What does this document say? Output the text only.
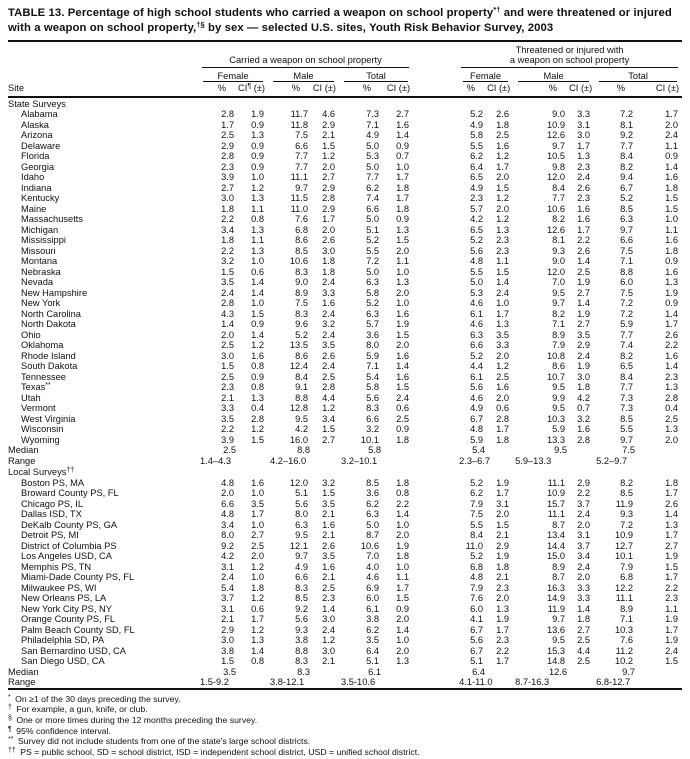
TABLE 13. Percentage of high school students who carried a weapon on school property*† and were threatened or injured with a weapon on school property,†§ by sex — selected U.S. sites, Youth Risk Behavior Survey, 2003

	Carried a weapon on school property						Threatened or injured with
a weapon on school property					

	Female		Male		Total		Female		Male		Total	

Site	%	CI¶ (±)	%	CI (±)	%	CI (±)	%	CI (±)	%	CI (±)	%	CI (±)
State Surveys												
Alabama	2.8	1.9	11.7	4.6	7.3	2.7	5.2	2.6	9.0	3.3	7.2	1.7
Alaska	1.7	0.9	11.8	2.9	7.1	1.6	4.9	1.8	10.9	3.1	8.1	2.0
Arizona	2.5	1.3	7.5	2.1	4.9	1.4	5.8	2.5	12.6	3.0	9.2	2.4
Delaware	2.9	0.9	6.6	1.5	5.0	0.9	5.5	1.6	9.7	1.7	7.7	1.1
Florida	2.8	0.9	7.7	1.2	5.3	0.7	6.2	1.2	10.5	1.3	8.4	0.9
Georgia	2.3	0.9	7.7	2.0	5.0	1.0	6.4	1.7	9.8	2.3	8.2	1.4
Idaho	3.9	1.0	11.1	2.7	7.7	1.7	6.5	2.0	12.0	2.4	9.4	1.6
Indiana	2.7	1.2	9.7	2.9	6.2	1.8	4.9	1.5	8.4	2.6	6.7	1.8
Kentucky	3.0	1.3	11.5	2.8	7.4	1.7	2.3	1.2	7.7	2.3	5.2	1.5
Maine	1.8	1.1	11.0	2.9	6.6	1.8	5.7	2.0	10.6	1.6	8.5	1.5
Massachusetts	2.2	0.8	7.6	1.7	5.0	0.9	4.2	1.2	8.2	1.6	6.3	1.0
Michigan	3.4	1.3	6.8	2.0	5.1	1.3	6.5	1.3	12.6	1.7	9.7	1.1
Mississippi	1.8	1.1	8.6	2.6	5.2	1.5	5.2	2.3	8.1	2.2	6.6	1.6
Missouri	2.2	1.3	8.5	3.0	5.5	2.0	5.6	2.3	9.3	2.6	7.5	1.8
Montana	3.2	1.0	10.6	1.8	7.2	1.1	4.8	1.1	9.0	1.4	7.1	0.9
Nebraska	1.5	0.6	8.3	1.8	5.0	1.0	5.5	1.5	12.0	2.5	8.8	1.6
Nevada	3.5	1.4	9.0	2.4	6.3	1.3	5.0	1.4	7.0	1.9	6.0	1.3
New Hampshire	2.4	1.4	8.9	3.3	5.8	2.0	5.3	2.4	9.5	2.7	7.5	1.9
New York	2.8	1.0	7.5	1.6	5.2	1.0	4.6	1.0	9.7	1.4	7.2	0.9
North Carolina	4.3	1.5	8.3	2.4	6.3	1.6	6.1	1.7	8.2	1.9	7.2	1.4
North Dakota	1.4	0.9	9.6	3.2	5.7	1.9	4.6	1.3	7.1	2.7	5.9	1.7
Ohio	2.0	1.4	5.2	2.4	3.6	1.5	6.3	3.5	8.9	3.5	7.7	2.6
Oklahoma	2.5	1.2	13.5	3.5	8.0	2.0	6.6	3.3	7.9	2.9	7.4	2.2
Rhode Island	3.0	1.6	8.6	2.6	5.9	1.6	5.2	2.0	10.8	2.4	8.2	1.6
South Dakota	1.5	0.8	12.4	2.4	7.1	1.4	4.4	1.2	8.6	1.9	6.5	1.4
Tennessee	2.5	0.9	8.4	2.5	5.4	1.6	6.1	2.5	10.7	3.0	8.4	2.3
Texas**	2.3	0.8	9.1	2.8	5.8	1.5	5.6	1.6	9.5	1.8	7.7	1.3
Utah	2.1	1.3	8.8	4.4	5.6	2.4	4.6	2.0	9.9	4.2	7.3	2.8
Vermont	3.3	0.4	12.8	1.2	8.3	0.6	4.9	0.6	9.5	0.7	7.3	0.4
West Virginia	3.5	2.8	9.5	3.4	6.6	2.5	6.7	2.8	10.3	3.2	8.5	2.5
Wisconsin	2.2	1.2	4.2	1.5	3.2	0.9	4.8	1.7	5.9	1.6	5.5	1.3
Wyoming	3.9	1.5	16.0	2.7	10.1	1.8	5.9	1.8	13.3	2.8	9.7	2.0
Median	2.5		8.8		5.8		5.4		9.5		7.5	
Range	1.4–4.3		4.2–16.0		3.2–10.1		2.3–6.7		5.9–13.3		5.2–9.7	
Local Surveys††
Boston PS, MA	4.8	1.6	12.0	3.2	8.5	1.8	5.2	1.9	11.1	2.9	8.2	1.8
Broward County PS, FL	2.0	1.0	5.1	1.5	3.6	0.8	6.2	1.7	10.9	2.2	8.5	1.7
Chicago PS, IL	6.6	3.5	5.6	3.5	6.2	2.2	7.9	3.1	15.7	3.7	11.9	2.6
Dallas ISD, TX	4.8	1.7	8.0	2.1	6.3	1.4	7.5	2.0	11.1	2.4	9.3	1.4
DeKalb County PS, GA	3.4	1.0	6.3	1.6	5.0	1.0	5.5	1.5	8.7	2.0	7.2	1.3
Detroit PS, MI	8.0	2.7	9.5	2.1	8.7	2.0	8.4	2.1	13.4	3.1	10.9	1.7
District of Columbia PS	9.2	2.5	12.1	2.6	10.6	1.9	11.0	2.9	14.4	3.7	12.7	2.7
Los Angeles USD, CA	4.2	2.0	9.7	3.5	7.0	1.8	5.2	1.9	15.0	3.4	10.1	1.9
Memphis PS, TN	3.1	1.2	4.9	1.6	4.0	1.0	6.8	1.8	8.9	2.4	7.9	1.5
Miami-Dade County PS, FL	2.4	1.0	6.6	2.1	4.6	1.1	4.8	2.1	8.7	2.0	6.8	1.7
Milwaukee PS, WI	5.4	1.8	8.3	2.5	6.9	1.7	7.9	2.3	16.3	3.3	12.2	2.2
New Orleans PS, LA	3.7	1.2	8.5	2.3	6.0	1.5	7.6	2.0	14.9	3.3	11.1	2.3
New York City PS, NY	3.1	0.6	9.2	1.4	6.1	0.9	6.0	1.3	11.9	1.4	8.9	1.1
Orange County PS, FL	2.1	1.7	5.6	3.0	3.8	2.0	4.1	1.9	9.7	1.8	7.1	1.9
Palm Beach County SD, FL	2.9	1.2	9.3	2.4	6.2	1.4	6.7	1.7	13.6	2.7	10.3	1.7
Philadelphia SD, PA	3.0	1.3	3.8	1.2	3.5	1.0	5.6	2.3	9.5	2.5	7.6	1.9
San Bernardino USD, CA	3.8	1.4	8.8	3.0	6.4	2.0	6.7	2.2	15.3	4.4	11.2	2.4
San Diego USD, CA	1.5	0.8	8.3	2.1	5.1	1.3	5.1	1.7	14.8	2.5	10.2	1.5
Median	3.5		8.3		6.1		6.4		12.6		9.7	
Range	1.5-9.2		3.8-12.1		3.5-10.6		4.1-11.0		8.7-16.3		6.8-12.7	
* On ≥1 of the 30 days preceding the survey.
† For example, a gun, knife, or club.
§ One or more times during the 12 months preceding the survey.
¶ 95% confidence interval.
** Survey did not include students from one of the state's large school districts.
†† PS = public school, SD = school district, ISD = independent school district, USD = unified school district.
